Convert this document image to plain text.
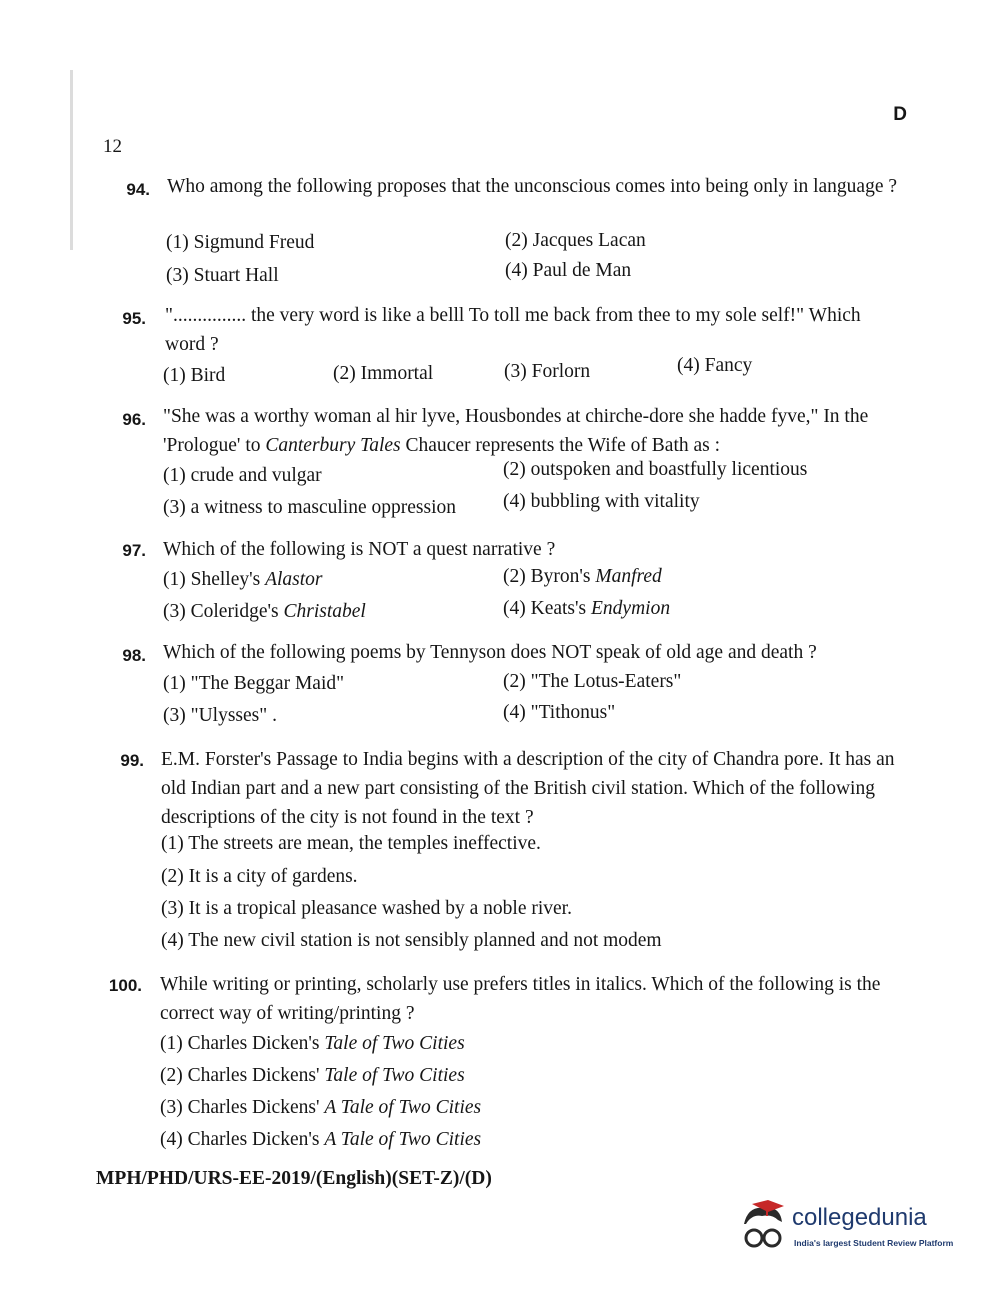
D
12
94. Who among the following proposes that the unconscious comes into being only in language ?
(1) Sigmund Freud	(2) Jacques Lacan
(3) Stuart Hall	(4) Paul de Man
95. "............... the very word is like a belll To toll me back from thee to my sole self!" Which word ?
(1) Bird	(2) Immortal	(3) Forlorn	(4) Fancy
96. "She was a worthy woman al hir lyve, Housbondes at chirche-dore she hadde fyve," In the 'Prologue' to Canterbury Tales Chaucer represents the Wife of Bath as :
(1) crude and vulgar	(2) outspoken and boastfully licentious
(3) a witness to masculine oppression (4) bubbling with vitality
97. Which of the following is NOT a quest narrative ?
(1) Shelley's Alastor	(2) Byron's Manfred
(3) Coleridge's Christabel	(4) Keats's Endymion
98. Which of the following poems by Tennyson does NOT speak of old age and death ?
(1) "The Beggar Maid"	(2) "The Lotus-Eaters"
(3) "Ulysses" .	(4) "Tithonus"
99. E.M. Forster's Passage to India begins with a description of the city of Chandra pore. It has an old Indian part and a new part consisting of the British civil station. Which of the following descriptions of the city is not found in the text ?
(1) The streets are mean, the temples ineffective.
(2) It is a city of gardens.
(3) It is a tropical pleasance washed by a noble river.
(4) The new civil station is not sensibly planned and not modem
100. While writing or printing, scholarly use prefers titles in italics. Which of the following is the correct way of writing/printing ?
(1) Charles Dicken's Tale of Two Cities
(2) Charles Dickens' Tale of Two Cities
(3) Charles Dickens' A Tale of Two Cities
(4) Charles Dicken's A Tale of Two Cities
MPH/PHD/URS-EE-2019/(English)(SET-Z)/(D)
collegedunia
India's largest Student Review Platform
